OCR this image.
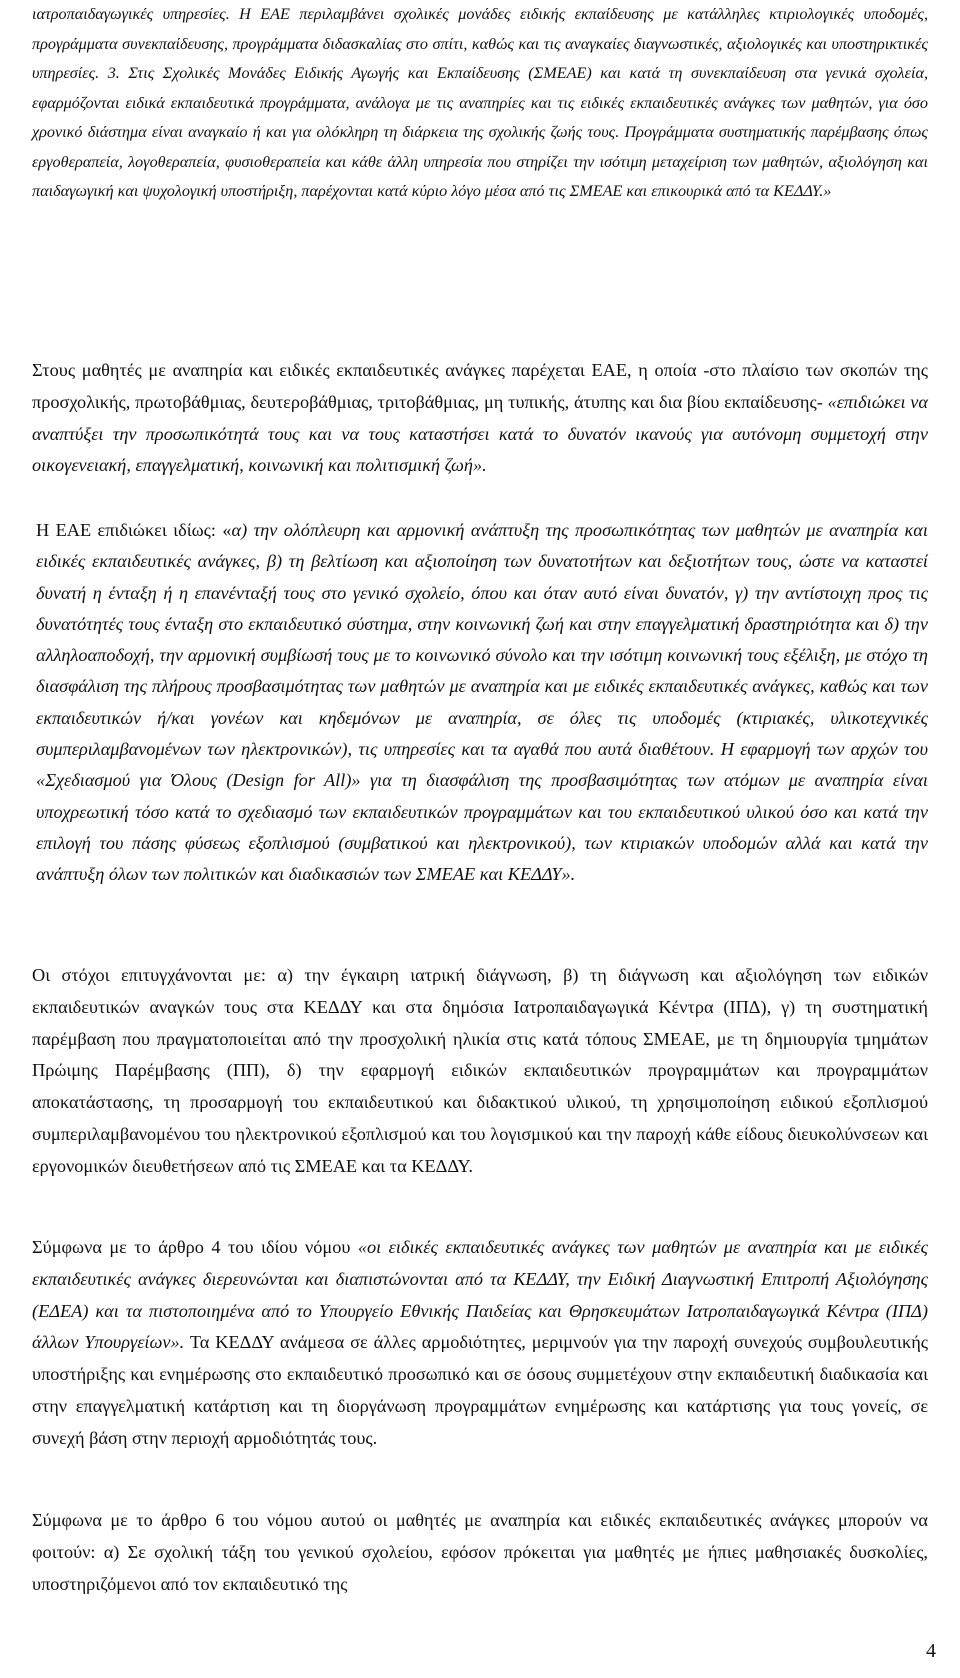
ιατροπαιδαγωγικές υπηρεσίες. Η ΕΑΕ περιλαμβάνει σχολικές μονάδες ειδικής εκπαίδευσης με κατάλληλες κτιριολογικές υποδομές, προγράμματα συνεκπαίδευσης, προγράμματα διδασκαλίας στο σπίτι, καθώς και τις αναγκαίες διαγνωστικές, αξιολογικές και υποστηρικτικές υπηρεσίες. 3. Στις Σχολικές Μονάδες Ειδικής Αγωγής και Εκπαίδευσης (ΣΜΕΑΕ) και κατά τη συνεκπαίδευση στα γενικά σχολεία, εφαρμόζονται ειδικά εκπαιδευτικά προγράμματα, ανάλογα με τις αναπηρίες και τις ειδικές εκπαιδευτικές ανάγκες των μαθητών, για όσο χρονικό διάστημα είναι αναγκαίο ή και για ολόκληρη τη διάρκεια της σχολικής ζωής τους. Προγράμματα συστηματικής παρέμβασης όπως εργοθεραπεία, λογοθεραπεία, φυσιοθεραπεία και κάθε άλλη υπηρεσία που στηρίζει την ισότιμη μεταχείριση των μαθητών, αξιολόγηση και παιδαγωγική και ψυχολογική υποστήριξη, παρέχονται κατά κύριο λόγο μέσα από τις ΣΜΕΑΕ και επικουρικά από τα ΚΕΔΔΥ.»
Στους μαθητές με αναπηρία και ειδικές εκπαιδευτικές ανάγκες παρέχεται ΕΑΕ, η οποία -στο πλαίσιο των σκοπών της προσχολικής, πρωτοβάθμιας, δευτεροβάθμιας, τριτοβάθμιας, μη τυπικής, άτυπης και δια βίου εκπαίδευσης- «επιδιώκει να αναπτύξει την προσωπικότητά τους και να τους καταστήσει κατά το δυνατόν ικανούς για αυτόνομη συμμετοχή στην οικογενειακή, επαγγελματική, κοινωνική και πολιτισμική ζωή».
Η ΕΑΕ επιδιώκει ιδίως: «α) την ολόπλευρη και αρμονική ανάπτυξη της προσωπικότητας των μαθητών με αναπηρία και ειδικές εκπαιδευτικές ανάγκες, β) τη βελτίωση και αξιοποίηση των δυνατοτήτων και δεξιοτήτων τους, ώστε να καταστεί δυνατή η ένταξη ή η επανένταξή τους στο γενικό σχολείο, όπου και όταν αυτό είναι δυνατόν, γ) την αντίστοιχη προς τις δυνατότητές τους ένταξη στο εκπαιδευτικό σύστημα, στην κοινωνική ζωή και στην επαγγελματική δραστηριότητα και δ) την αλληλοαποδοχή, την αρμονική συμβίωσή τους με το κοινωνικό σύνολο και την ισότιμη κοινωνική τους εξέλιξη, με στόχο τη διασφάλιση της πλήρους προσβασιμότητας των μαθητών με αναπηρία και με ειδικές εκπαιδευτικές ανάγκες, καθώς και των εκπαιδευτικών ή/και γονέων και κηδεμόνων με αναπηρία, σε όλες τις υποδομές (κτιριακές, υλικοτεχνικές συμπεριλαμβανομένων των ηλεκτρονικών), τις υπηρεσίες και τα αγαθά που αυτά διαθέτουν. Η εφαρμογή των αρχών του «Σχεδιασμού για Όλους (Design for All)» για τη διασφάλιση της προσβασιμότητας των ατόμων με αναπηρία είναι υποχρεωτική τόσο κατά το σχεδιασμό των εκπαιδευτικών προγραμμάτων και του εκπαιδευτικού υλικού όσο και κατά την επιλογή του πάσης φύσεως εξοπλισμού (συμβατικού και ηλεκτρονικού), των κτιριακών υποδομών αλλά και κατά την ανάπτυξη όλων των πολιτικών και διαδικασιών των ΣΜΕΑΕ και ΚΕΔΔΥ».
Οι στόχοι επιτυγχάνονται με: α) την έγκαιρη ιατρική διάγνωση, β) τη διάγνωση και αξιολόγηση των ειδικών εκπαιδευτικών αναγκών τους στα ΚΕΔΔΥ και στα δημόσια Ιατροπαιδαγωγικά Κέντρα (ΙΠΔ), γ) τη συστηματική παρέμβαση που πραγματοποιείται από την προσχολική ηλικία στις κατά τόπους ΣΜΕΑΕ, με τη δημιουργία τμημάτων Πρώιμης Παρέμβασης (ΠΠ), δ) την εφαρμογή ειδικών εκπαιδευτικών προγραμμάτων και προγραμμάτων αποκατάστασης, τη προσαρμογή του εκπαιδευτικού και διδακτικού υλικού, τη χρησιμοποίηση ειδικού εξοπλισμού συμπεριλαμβανομένου του ηλεκτρονικού εξοπλισμού και του λογισμικού και την παροχή κάθε είδους διευκολύνσεων και εργονομικών διευθετήσεων από τις ΣΜΕΑΕ και τα ΚΕΔΔΥ.
Σύμφωνα με το άρθρο 4 του ιδίου νόμου «οι ειδικές εκπαιδευτικές ανάγκες των μαθητών με αναπηρία και με ειδικές εκπαιδευτικές ανάγκες διερευνώνται και διαπιστώνονται από τα ΚΕΔΔΥ, την Ειδική Διαγνωστική Επιτροπή Αξιολόγησης (ΕΔΕΑ) και τα πιστοποιημένα από το Υπουργείο Εθνικής Παιδείας και Θρησκευμάτων Ιατροπαιδαγωγικά Κέντρα (ΙΠΔ) άλλων Υπουργείων». Τα ΚΕΔΔΥ ανάμεσα σε άλλες αρμοδιότητες, μεριμνούν για την παροχή συνεχούς συμβουλευτικής υποστήριξης και ενημέρωσης στο εκπαιδευτικό προσωπικό και σε όσους συμμετέχουν στην εκπαιδευτική διαδικασία και στην επαγγελματική κατάρτιση και τη διοργάνωση προγραμμάτων ενημέρωσης και κατάρτισης για τους γονείς, σε συνεχή βάση στην περιοχή αρμοδιότητάς τους.
Σύμφωνα με το άρθρο 6 του νόμου αυτού οι μαθητές με αναπηρία και ειδικές εκπαιδευτικές ανάγκες μπορούν να φοιτούν: α) Σε σχολική τάξη του γενικού σχολείου, εφόσον πρόκειται για μαθητές με ήπιες μαθησιακές δυσκολίες, υποστηριζόμενοι από τον εκπαιδευτικό της
4
